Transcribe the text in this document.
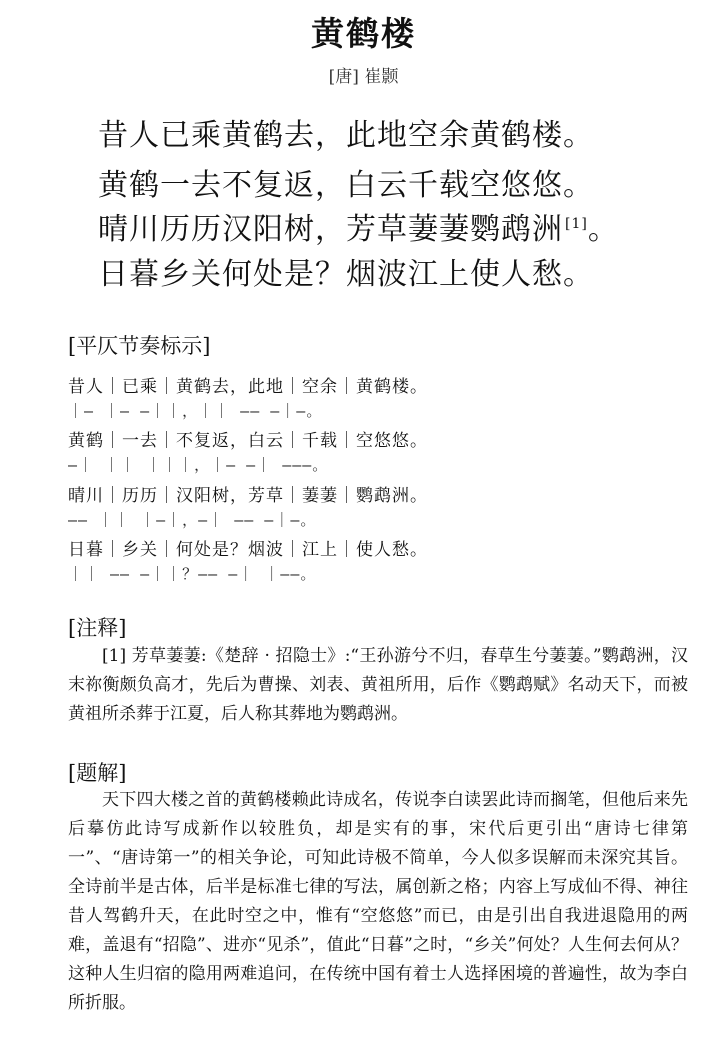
黄鹤楼
[唐] 崔颢
昔人已乘黄鹤去，此地空余黄鹤楼。
黄鹤一去不复返，白云千载空悠悠。
晴川历历汉阳树，芳草萋萋鹦鹉洲 [1]。
日暮乡关何处是？烟波江上使人愁。
[平仄节奏标示]
昔人｜已乘｜黄鹤去，此地｜空余｜黄鹤楼。
｜— ｜— —｜｜，｜｜ —— —｜—。
黄鹤｜一去｜不复返，白云｜千载｜空悠悠。
—｜ ｜｜ ｜｜｜，｜— —｜ ———。
晴川｜历历｜汉阳树，芳草｜萋萋｜鹦鹉洲。
—— ｜｜ ｜—｜，—｜ —— —｜—。
日暮｜乡关｜何处是？烟波｜江上｜使人愁。
｜｜ —— —｜｜？—— —｜ ｜——。
[注释]
[1] 芳草萋萋:《楚辞 · 招隐士》:“王孙游兮不归，春草生兮萋萋。”鹦鹉洲，汉末祢衡颇负高才，先后为曹操、刘表、黄祖所用，后作《鹦鹉赋》名动天下，而被黄祖所杀葬于江夏，后人称其葬地为鹦鹉洲。
[题解]
天下四大楼之首的黄鹤楼赖此诗成名，传说李白读罢此诗而搁笔，但他后来先后摹仿此诗写成新作以较胜负，却是实有的事，宋代后更引出“唐诗七律第一”、“唐诗第一”的相关争论，可知此诗极不简单，今人似多误解而未深究其旨。全诗前半是古体，后半是标准七律的写法，属创新之格；内容上写成仙不得、神往昔人驾鹤升天，在此时空之中，惟有“空悠悠”而已，由是引出自我进退隐用的两难，盖退有“招隐”、进亦“见杀”，值此“日暮”之时，“乡关”何处？人生何去何从？这种人生归宿的隐用两难追问，在传统中国有着士人选择困境的普遍性，故为李白所折服。
